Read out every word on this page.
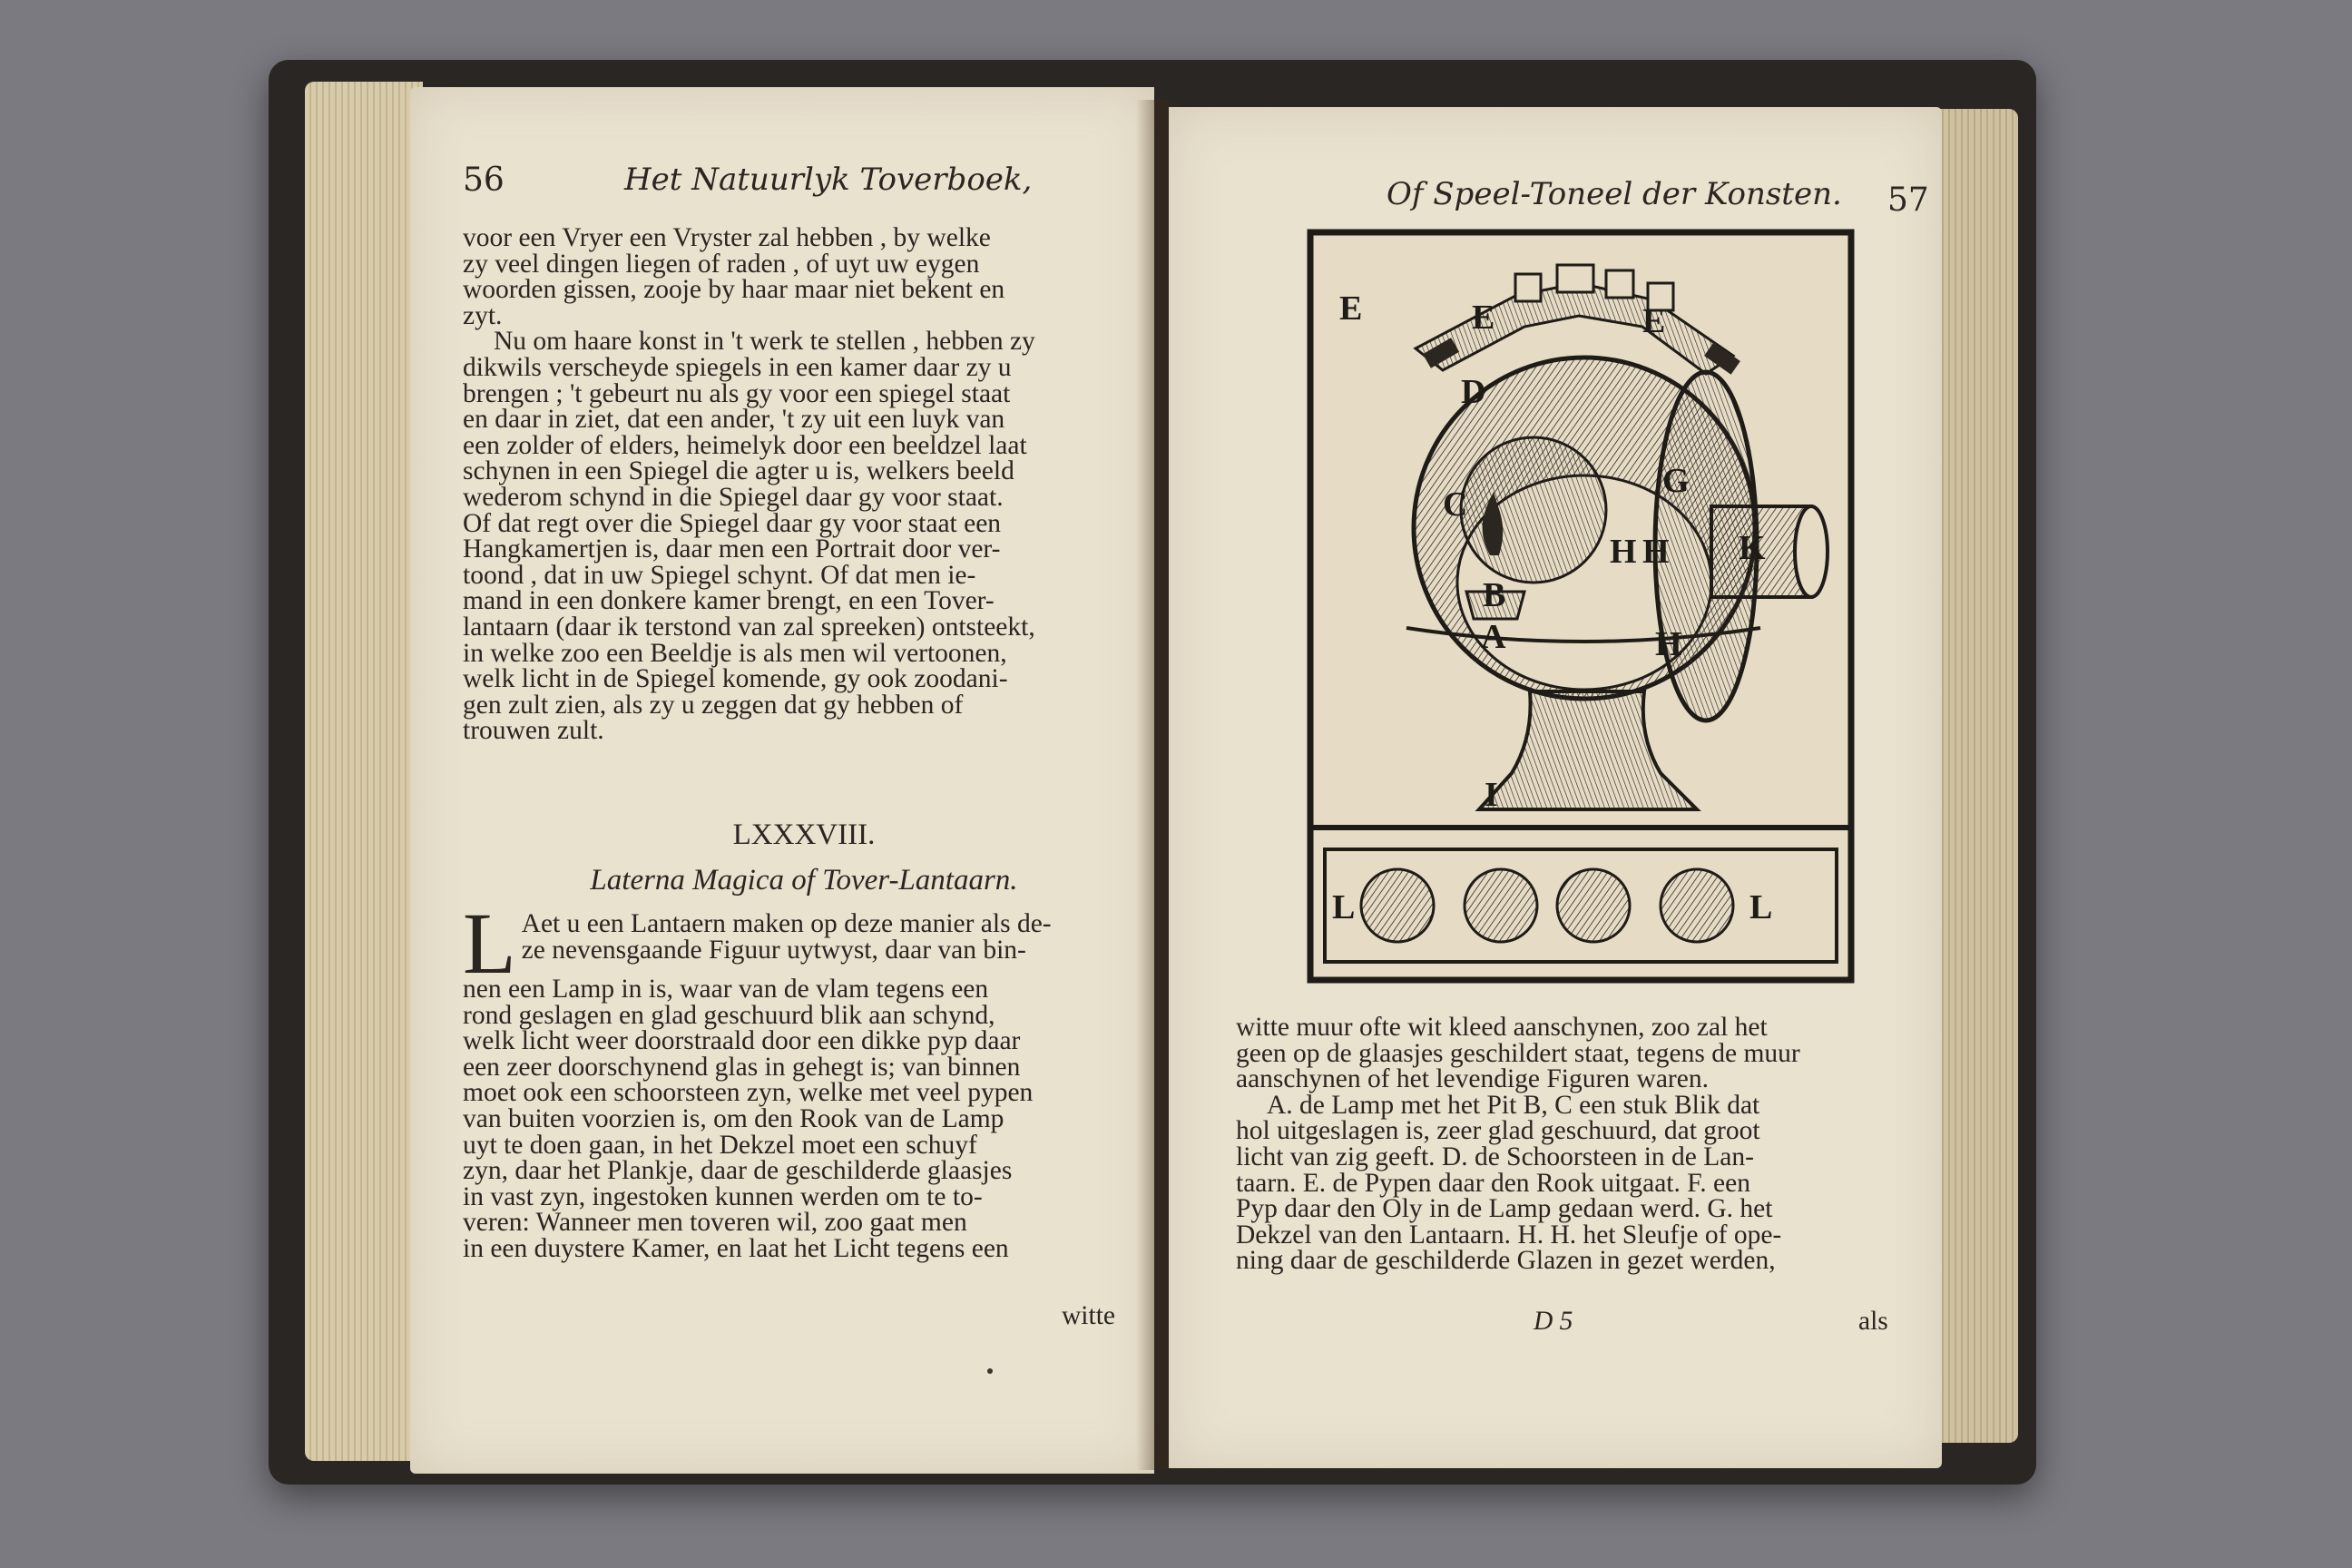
56	Het Natuurlyk Toverboek,
voor een Vryer een Vryster zal hebben , by welke
zy veel dingen liegen of raden , of uyt uw eygen
woorden gissen, zooje by haar maar niet bekent en
zyt.
Nu om haare konst in 't werk te stellen , hebben zy
dikwils verscheyde spiegels in een kamer daar zy u
brengen ; 't gebeurt nu als gy voor een spiegel staat
en daar in ziet, dat een ander, 't zy uit een luyk van
een zolder of elders, heimelyk door een beeldzel laat
schynen in een Spiegel die agter u is, welkers beeld
wederom schynd in die Spiegel daar gy voor staat.
Of dat regt over die Spiegel daar gy voor staat een
Hangkamertjen is, daar men een Portrait door ver-
toond , dat in uw Spiegel schynt. Of dat men ie-
mand in een donkere kamer brengt, en een Tover-
lantaarn (daar ik terstond van zal spreeken) ontsteekt,
in welke zoo een Beeldje is als men wil vertoonen,
welk licht in de Spiegel komende, gy ook zoodani-
gen zult zien, als zy u zeggen dat gy hebben of
trouwen zult.
LXXXVIII.
Laterna Magica of Tover-Lantaarn.
L Aet u een Lantaern maken op deze manier als de-
ze nevensgaande Figuur uytwyst, daar van bin-
nen een Lamp in is, waar van de vlam tegens een
rond geslagen en glad geschuurd blik aan schynd,
welk licht weer doorstraald door een dikke pyp daar
een zeer doorschynend glas in gehegt is; van binnen
moet ook een schoorsteen zyn, welke met veel pypen
van buiten voorzien is, om den Rook van de Lamp
uyt te doen gaan, in het Dekzel moet een schuyf
zyn, daar het Plankje, daar de geschilderde glaasjes
in vast zyn, ingestoken kunnen werden om te to-
veren: Wanneer men toveren wil, zoo gaat men
in een duystere Kamer, en laat het Licht tegens een
witte
Of Speel-Toneel der Konsten. 57
E	E	E
D
C
B
A
G
H H K
H
I
L	L
witte muur ofte wit kleed aanschynen, zoo zal het
geen op de glaasjes geschildert staat, tegens de muur
aanschynen of het levendige Figuren waren.
A. de Lamp met het Pit B, C een stuk Blik dat
hol uitgeslagen is, zeer glad geschuurd, dat groot
licht van zig geeft. D. de Schoorsteen in de Lan-
taarn. E. de Pypen daar den Rook uitgaat. F. een
Pyp daar den Oly in de Lamp gedaan werd. G. het
Dekzel van den Lantaarn. H. H. het Sleufje of ope-
ning daar de geschilderde Glazen in gezet werden,
D 5	als
